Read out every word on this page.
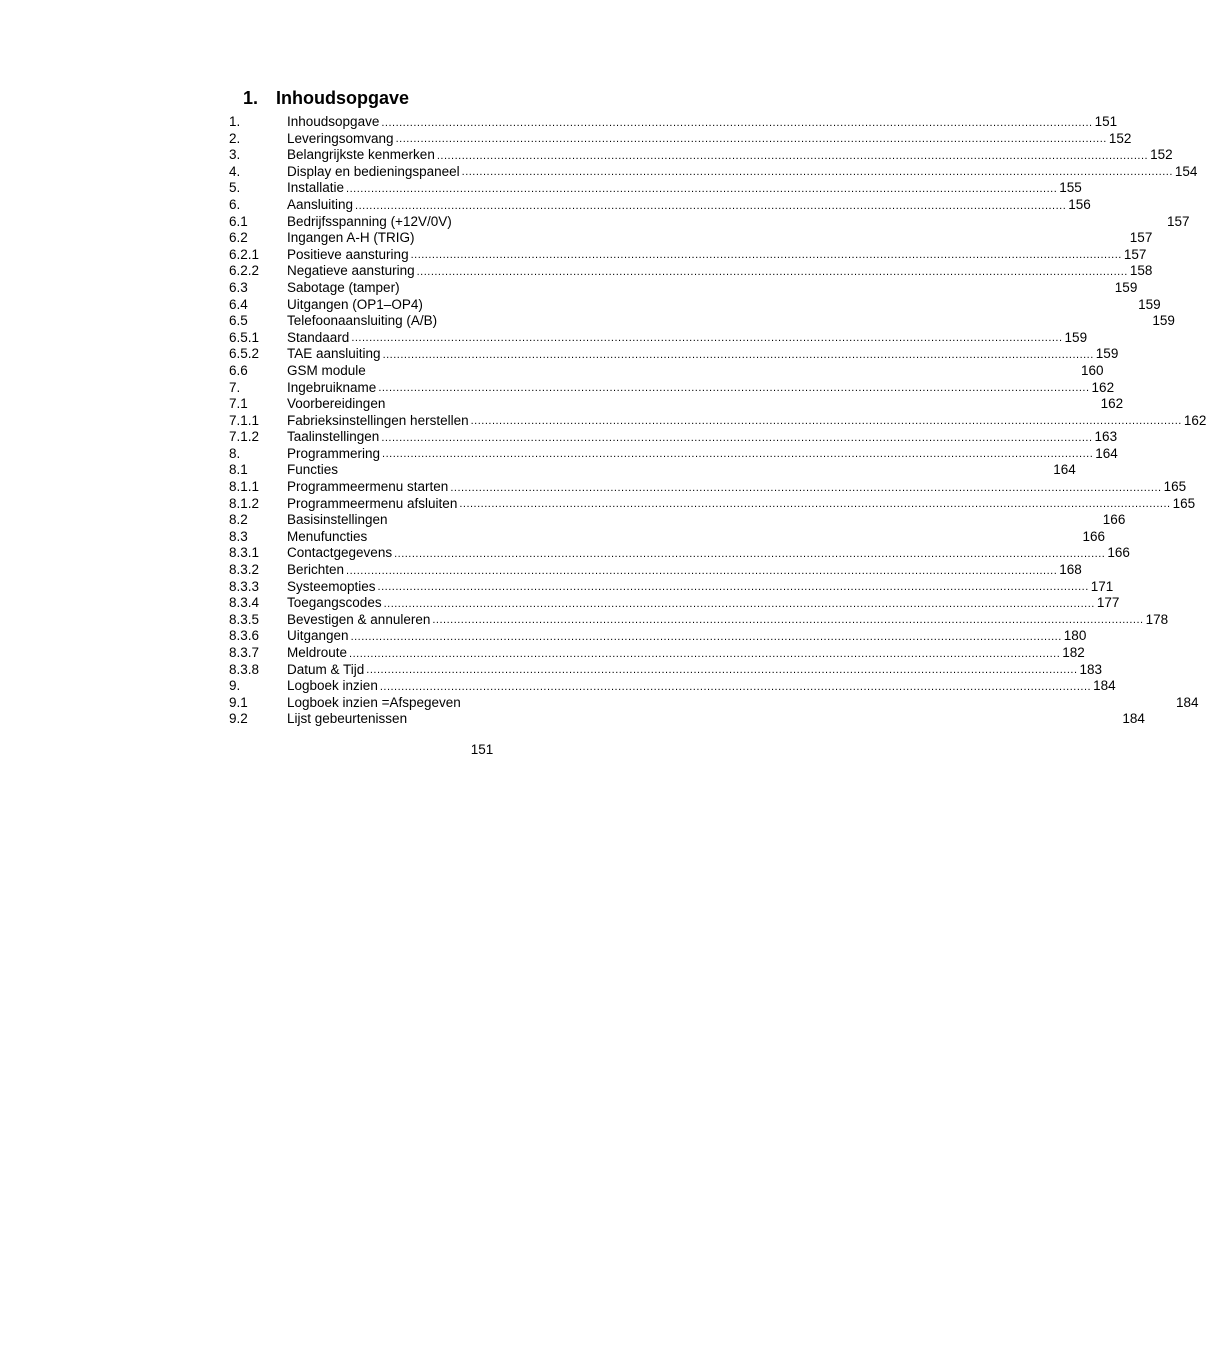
1. Inhoudsopgave
1.	Inhoudsopgave ........................................................................................................................................................................................................ 151
2.	Leveringsomvang ........................................................................................................................................................................................................ 152
3.	Belangrijkste kenmerken ........................................................................................................................................................................................................ 152
4.	Display en bedieningspaneel ........................................................................................................................................................................................................ 154
5.	Installatie ........................................................................................................................................................................................................ 155
6.	Aansluiting ........................................................................................................................................................................................................ 156
6.1	Bedrijfsspanning (+12V/0V)	157
6.2	Ingangen A-H (TRIG)	157
6.2.1	Positieve aansturing ........................................................................................................................................................................................................ 157
6.2.2	Negatieve aansturing ........................................................................................................................................................................................................ 158
6.3	Sabotage (tamper)	159
6.4	Uitgangen (OP1–OP4)	159
6.5	Telefoonaansluiting (A/B)	159
6.5.1	Standaard ........................................................................................................................................................................................................ 159
6.5.2	TAE aansluiting ........................................................................................................................................................................................................ 159
6.6	GSM module	160
7.	Ingebruikname ........................................................................................................................................................................................................ 162
7.1	Voorbereidingen	162
7.1.1	Fabrieksinstellingen herstellen ........................................................................................................................................................................................................ 162
7.1.2	Taalinstellingen ........................................................................................................................................................................................................ 163
8.	Programmering ........................................................................................................................................................................................................ 164
8.1	Functies	164
8.1.1	Programmeermenu starten ........................................................................................................................................................................................................ 165
8.1.2	Programmeermenu afsluiten ........................................................................................................................................................................................................ 165
8.2	Basisinstellingen	166
8.3	Menufuncties	166
8.3.1	Contactgegevens ........................................................................................................................................................................................................ 166
8.3.2	Berichten ........................................................................................................................................................................................................ 168
8.3.3	Systeemopties ........................................................................................................................................................................................................ 171
8.3.4	Toegangscodes ........................................................................................................................................................................................................ 177
8.3.5	Bevestigen & annuleren ........................................................................................................................................................................................................ 178
8.3.6	Uitgangen ........................................................................................................................................................................................................ 180
8.3.7	Meldroute ........................................................................................................................................................................................................ 182
8.3.8	Datum & Tijd ........................................................................................................................................................................................................ 183
9.	Logboek inzien ........................................................................................................................................................................................................ 184
9.1	Logboek inzien =Afspegeven	184
9.2	Lijst gebeurtenissen	184
151
